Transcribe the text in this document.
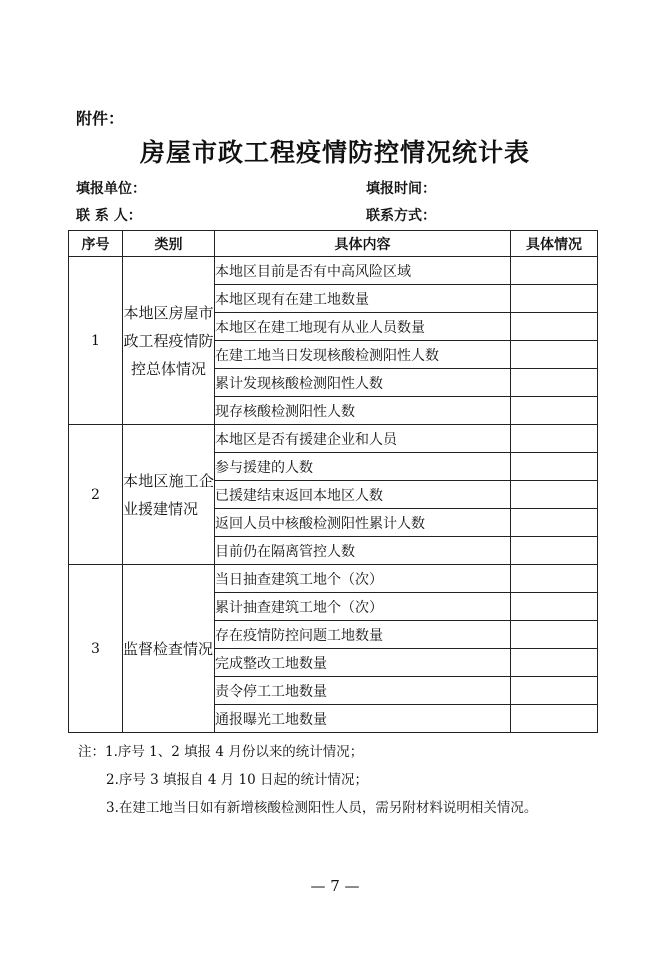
附件：
房屋市政工程疫情防控情况统计表
填报单位：	填报时间：
联 系 人：	联系方式：
序号	类别	具体内容	具体情况
1	本地区房屋市政工程疫情防控总体情况	本地区目前是否有中高风险区域	
		本地区现有在建工地数量	
		本地区在建工地现有从业人员数量	
		在建工地当日发现核酸检测阳性人数	
		累计发现核酸检测阳性人数	
		现存核酸检测阳性人数	
2	本地区施工企业援建情况	本地区是否有援建企业和人员	
		参与援建的人数	
		已援建结束返回本地区人数	
		返回人员中核酸检测阳性累计人数	
		目前仍在隔离管控人数	
3	监督检查情况	当日抽查建筑工地个（次）	
		累计抽查建筑工地个（次）	
		存在疫情防控问题工地数量	
		完成整改工地数量	
		责令停工工地数量	
		通报曝光工地数量	
注：1.序号 1、2 填报 4 月份以来的统计情况；
2.序号 3 填报自 4 月 10 日起的统计情况；
3.在建工地当日如有新增核酸检测阳性人员，需另附材料说明相关情况。
— 7 —
